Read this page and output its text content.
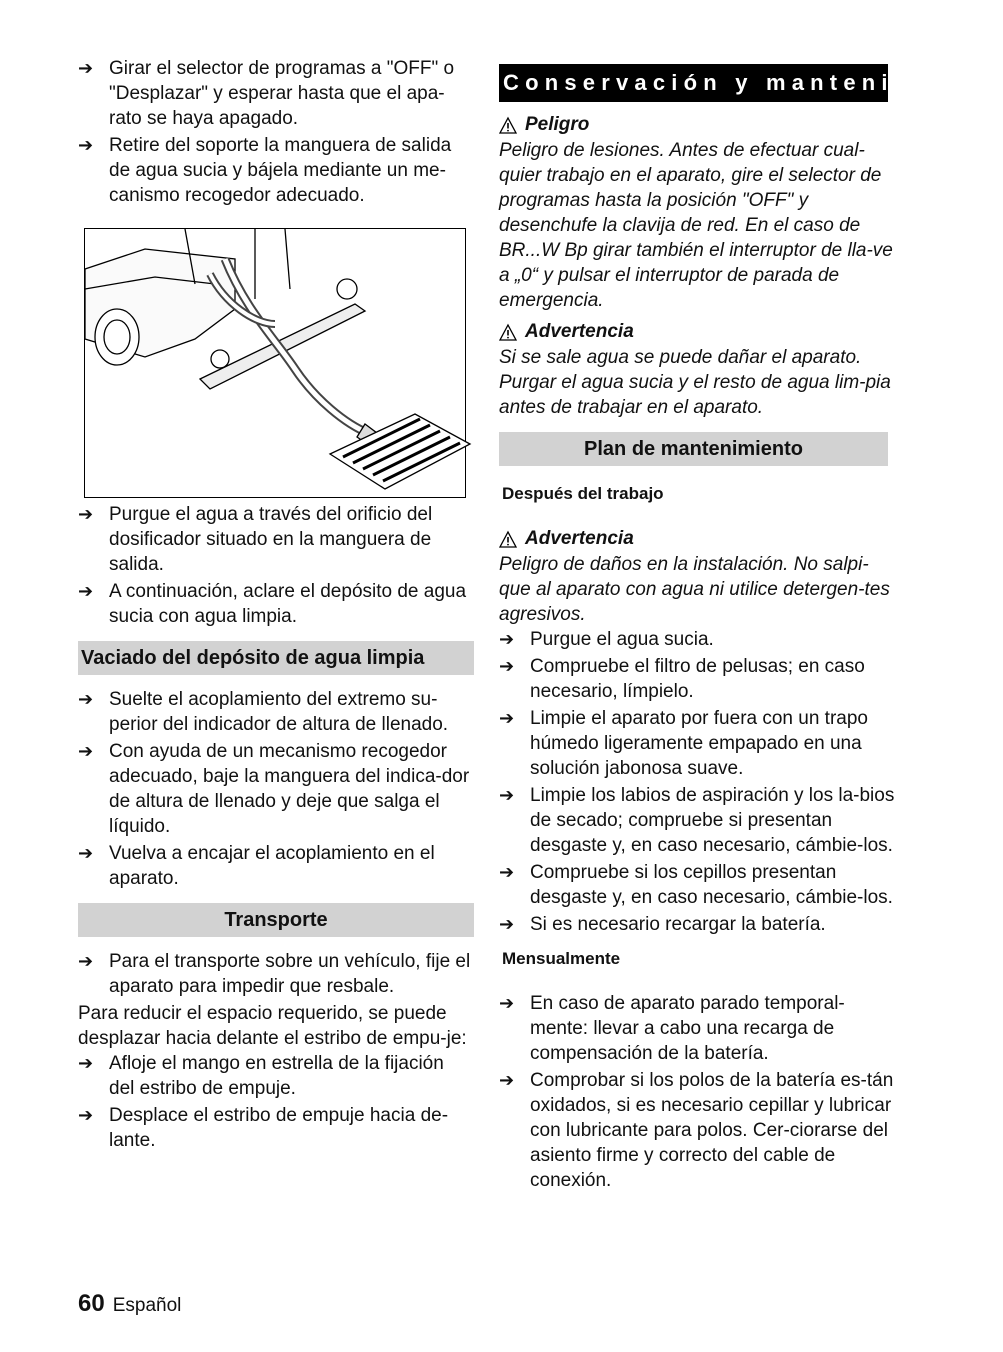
➔ Girar el selector de programas a "OFF" o "Desplazar" y esperar hasta que el apa-rato se haya apagado.
➔ Retire del soporte la manguera de salida de agua sucia y bájela mediante un me-canismo recogedor adecuado.
➔ Purgue el agua a través del orificio del dosificador situado en la manguera de salida.
➔ A continuación, aclare el depósito de agua sucia con agua limpia.
Vaciado del depósito de agua limpia
➔ Suelte el acoplamiento del extremo su-perior del indicador de altura de llenado.
➔ Con ayuda de un mecanismo recogedor adecuado, baje la manguera del indica-dor de altura de llenado y deje que salga el líquido.
➔ Vuelva a encajar el acoplamiento en el aparato.
Transporte
➔ Para el transporte sobre un vehículo, fije el aparato para impedir que resbale.

Para reducir el espacio requerido, se puede desplazar hacia delante el estribo de empu-je:

➔ Afloje el mango en estrella de la fijación del estribo de empuje.
➔ Desplace el estribo de empuje hacia de-lante.
Conservación y mantenimiento
Peligro

Peligro de lesiones. Antes de efectuar cual-quier trabajo en el aparato, gire el selector de programas hasta la posición "OFF" y desenchufe la clavija de red. En el caso de BR...W Bp girar también el interruptor de lla-ve a „0“ y pulsar el interruptor de parada de emergencia.

Advertencia

Si se sale agua se puede dañar el aparato. Purgar el agua sucia y el resto de agua lim-pia antes de trabajar en el aparato.

Plan de mantenimiento
Después del trabajo
Advertencia

Peligro de daños en la instalación. No salpi-que al aparato con agua ni utilice detergen-tes agresivos.

➔ Purgue el agua sucia.
➔ Compruebe el filtro de pelusas; en caso necesario, límpielo.
➔ Limpie el aparato por fuera con un trapo húmedo ligeramente empapado en una solución jabonosa suave.
➔ Limpie los labios de aspiración y los la-bios de secado; compruebe si presentan desgaste y, en caso necesario, cámbie-los.
➔ Compruebe si los cepillos presentan desgaste y, en caso necesario, cámbie-los.
➔ Si es necesario recargar la batería.
Mensualmente
➔ En caso de aparato parado temporal-mente: llevar a cabo una recarga de compensación de la batería.
➔ Comprobar si los polos de la batería es-tán oxidados, si es necesario cepillar y lubricar con lubricante para polos. Cer-ciorarse del asiento firme y correcto del cable de conexión.
60 Español
